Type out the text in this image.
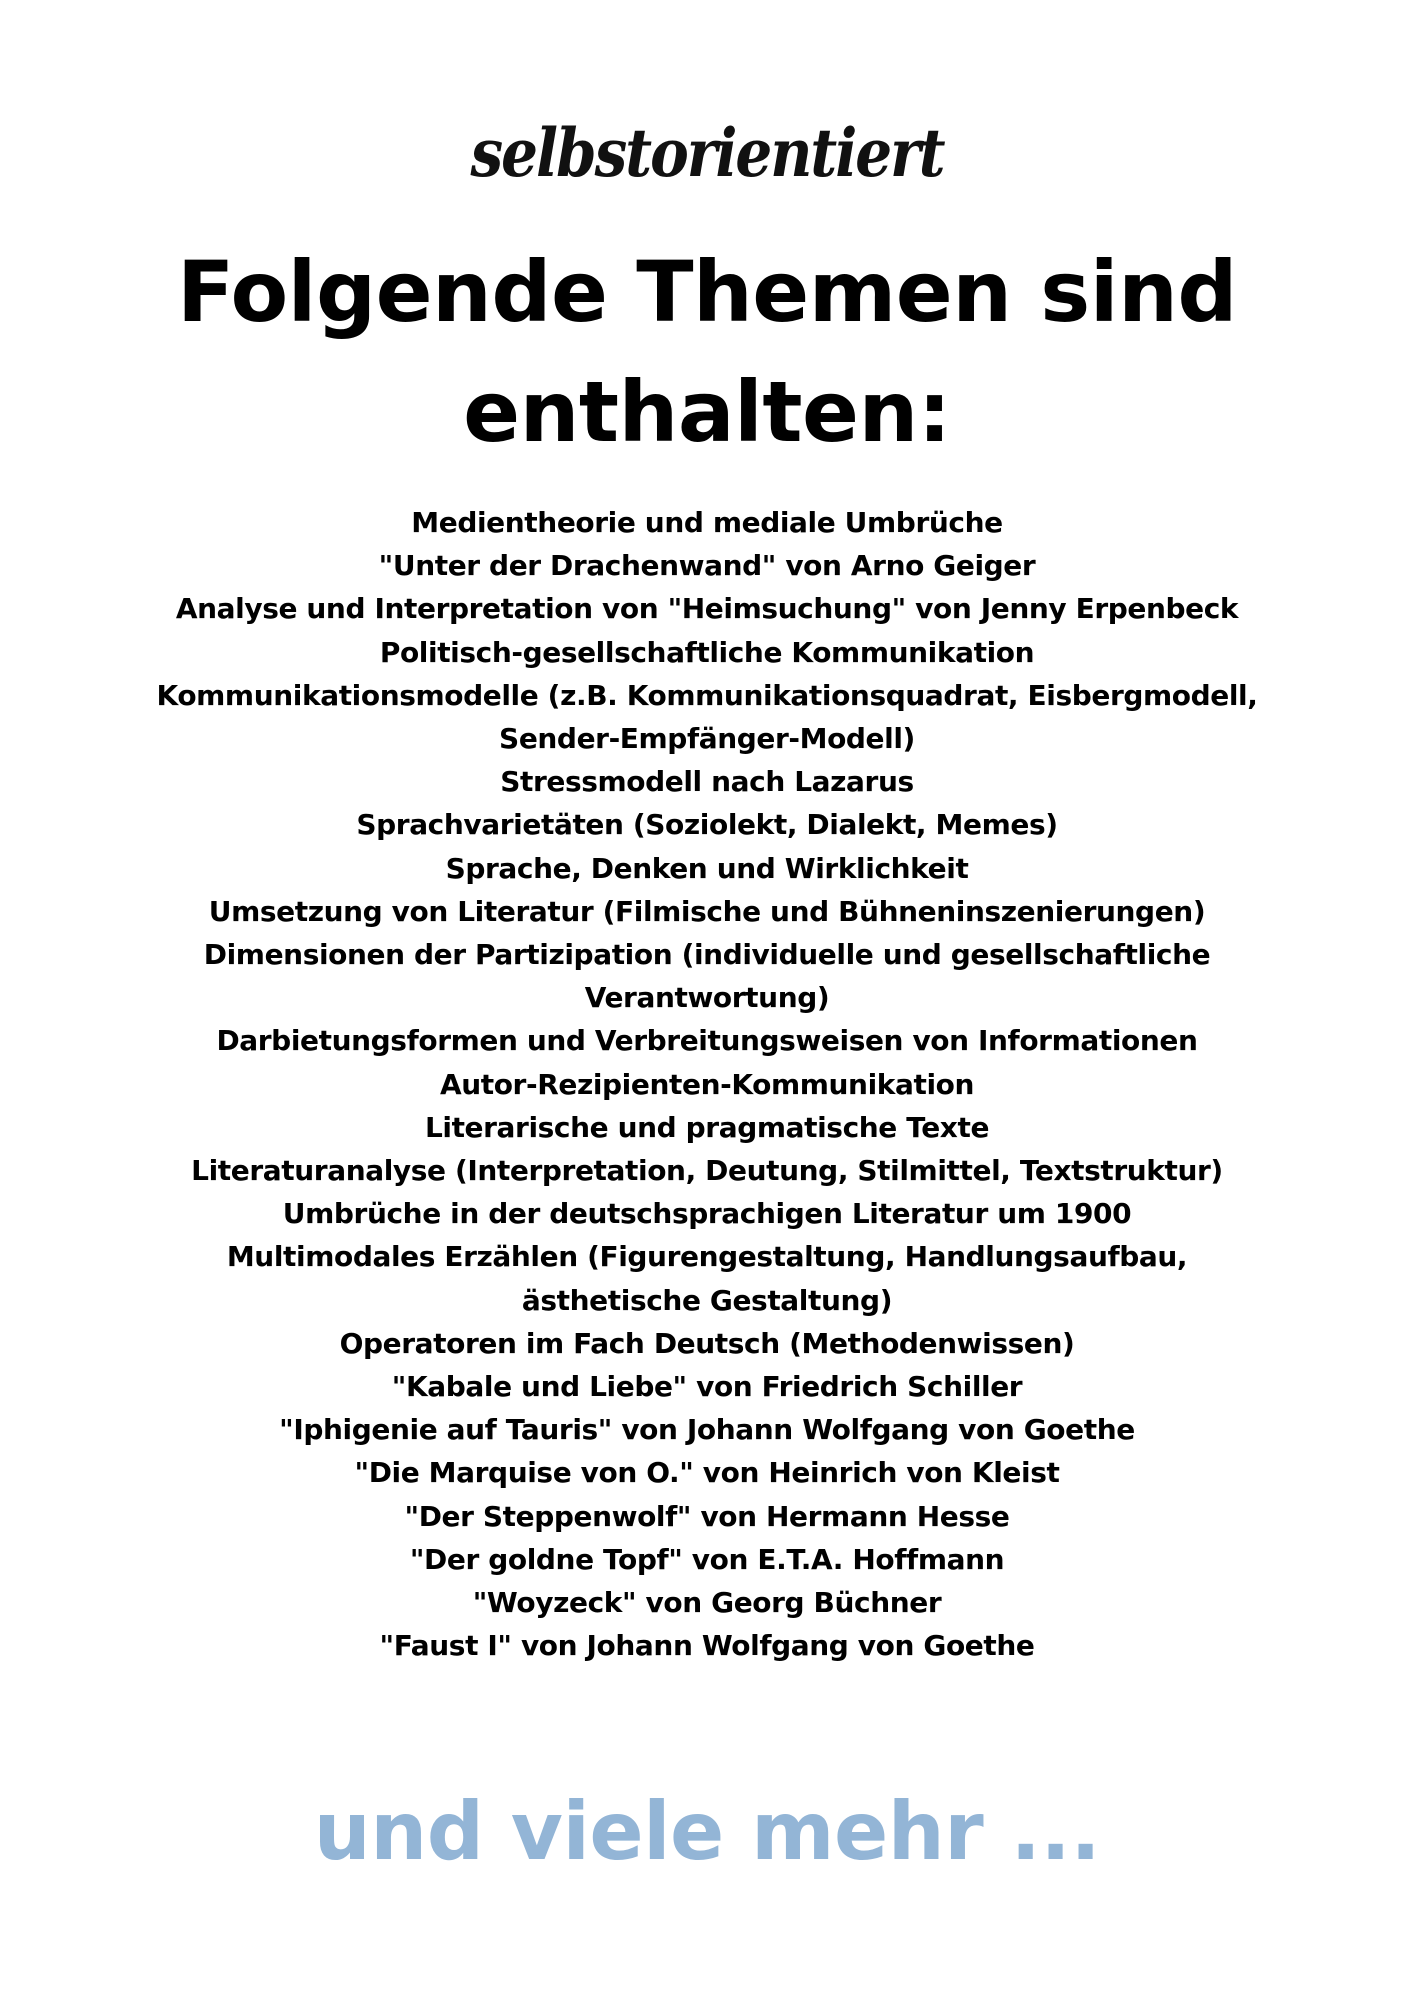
selbstorientiert
Folgende Themen sind
enthalten:
Medientheorie und mediale Umbrüche
"Unter der Drachenwand" von Arno Geiger
Analyse und Interpretation von "Heimsuchung" von Jenny Erpenbeck
Politisch-gesellschaftliche Kommunikation
Kommunikationsmodelle (z.B. Kommunikationsquadrat, Eisbergmodell, Sender-Empfänger-Modell)
Stressmodell nach Lazarus
Sprachvarietäten (Soziolekt, Dialekt, Memes)
Sprache, Denken und Wirklichkeit
Umsetzung von Literatur (Filmische und Bühneninszenierungen)
Dimensionen der Partizipation (individuelle und gesellschaftliche Verantwortung)
Darbietungsformen und Verbreitungsweisen von Informationen
Autor-Rezipienten-Kommunikation
Literarische und pragmatische Texte
Literaturanalyse (Interpretation, Deutung, Stilmittel, Textstruktur)
Umbrüche in der deutschsprachigen Literatur um 1900
Multimodales Erzählen (Figurengestaltung, Handlungsaufbau, ästhetische Gestaltung)
Operatoren im Fach Deutsch (Methodenwissen)
"Kabale und Liebe" von Friedrich Schiller
"Iphigenie auf Tauris" von Johann Wolfgang von Goethe
"Die Marquise von O." von Heinrich von Kleist
"Der Steppenwolf" von Hermann Hesse
"Der goldne Topf" von E.T.A. Hoffmann
"Woyzeck" von Georg Büchner
"Faust I" von Johann Wolfgang von Goethe
und viele mehr ...
